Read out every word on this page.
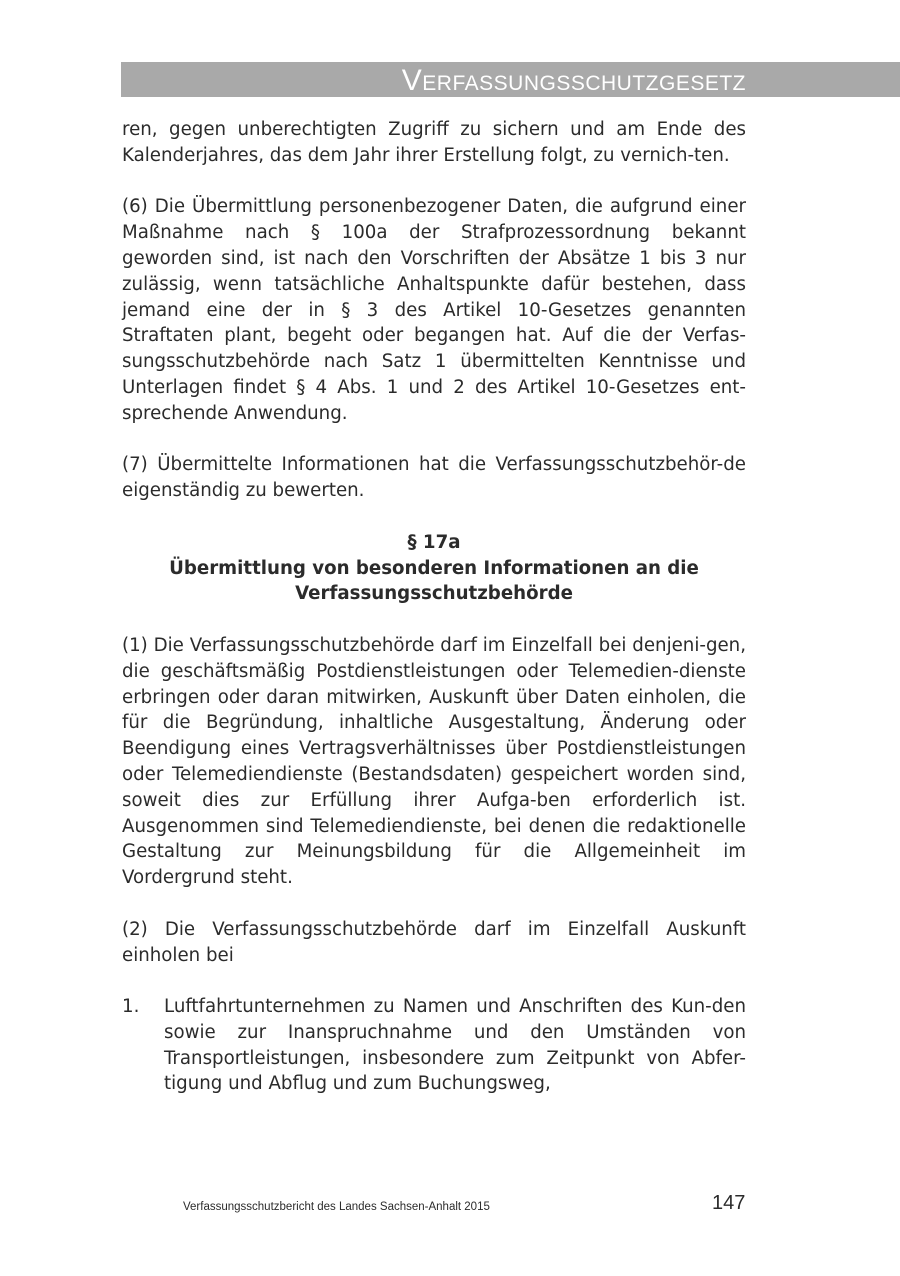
VERFASSUNGSSCHUTZGESETZ

ren, gegen unberechtigten Zugriff zu sichern und am Ende des Kalenderjahres, das dem Jahr ihrer Erstellung folgt, zu vernich-ten.

(6) Die Übermittlung personenbezogener Daten, die aufgrund einer Maßnahme nach § 100a der Strafprozessordnung bekannt geworden sind, ist nach den Vorschriften der Absätze 1 bis 3 nur zulässig, wenn tatsächliche Anhaltspunkte dafür bestehen, dass jemand eine der in § 3 des Artikel 10-Gesetzes genannten Straftaten plant, begeht oder begangen hat. Auf die der Verfas-sungsschutzbehörde nach Satz 1 übermittelten Kenntnisse und Unterlagen findet § 4 Abs. 1 und 2 des Artikel 10-Gesetzes ent-sprechende Anwendung.

(7) Übermittelte Informationen hat die Verfassungsschutzbehör-de eigenständig zu bewerten.

§ 17a
Übermittlung von besonderen Informationen an die
Verfassungsschutzbehörde

(1) Die Verfassungsschutzbehörde darf im Einzelfall bei denjeni-gen, die geschäftsmäßig Postdienstleistungen oder Telemedien-dienste erbringen oder daran mitwirken, Auskunft über Daten einholen, die für die Begründung, inhaltliche Ausgestaltung, Änderung oder Beendigung eines Vertragsverhältnisses über Postdienstleistungen oder Telemediendienste (Bestandsdaten) gespeichert worden sind, soweit dies zur Erfüllung ihrer Aufga-ben erforderlich ist. Ausgenommen sind Telemediendienste, bei denen die redaktionelle Gestaltung zur Meinungsbildung für die Allgemeinheit im Vordergrund steht.

(2) Die Verfassungsschutzbehörde darf im Einzelfall Auskunft einholen bei

1.	Luftfahrtunternehmen zu Namen und Anschriften des Kun-den sowie zur Inanspruchnahme und den Umständen von Transportleistungen, insbesondere zum Zeitpunkt von Abfer-tigung und Abflug und zum Buchungsweg,
Verfassungsschutzbericht des Landes Sachsen-Anhalt 2015	147
